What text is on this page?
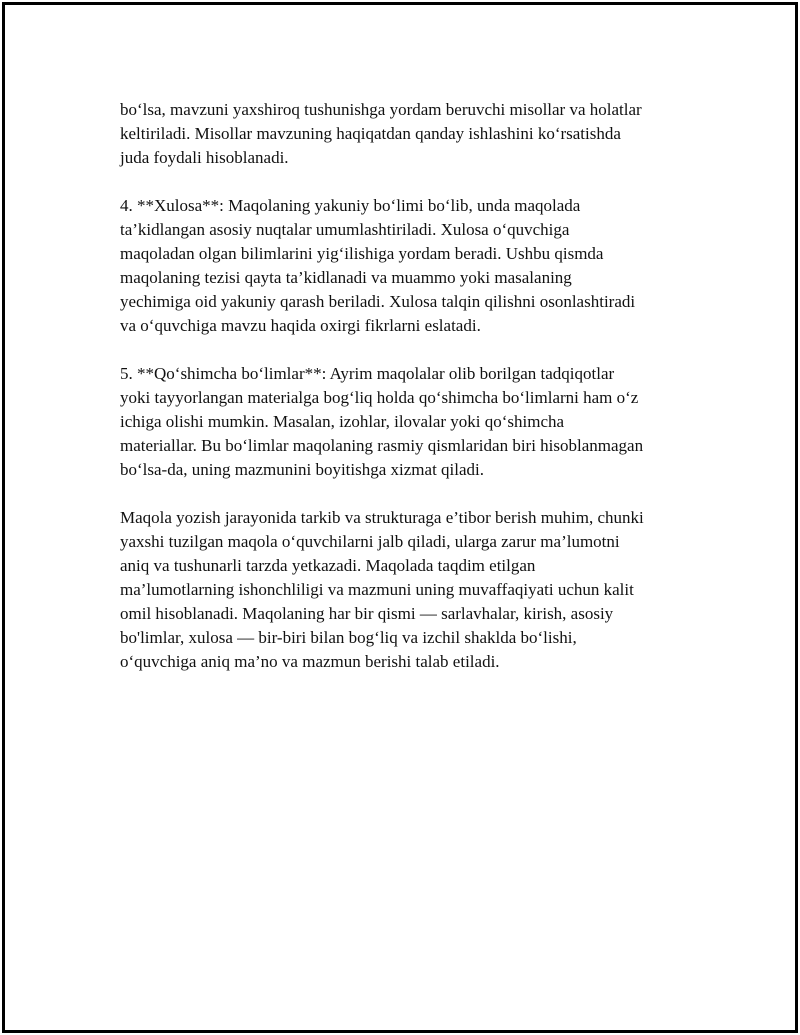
bo‘lsa, mavzuni yaxshiroq tushunishga yordam beruvchi misollar va holatlar
keltiriladi. Misollar mavzuning haqiqatdan qanday ishlashini ko‘rsatishda
juda foydali hisoblanadi.

4. **Xulosa**: Maqolaning yakuniy bo‘limi bo‘lib, unda maqolada
ta’kidlangan asosiy nuqtalar umumlashtiriladi. Xulosa o‘quvchiga
maqoladan olgan bilimlarini yig‘ilishiga yordam beradi. Ushbu qismda
maqolaning tezisi qayta ta’kidlanadi va muammo yoki masalaning
yechimiga oid yakuniy qarash beriladi. Xulosa talqin qilishni osonlashtiradi
va o‘quvchiga mavzu haqida oxirgi fikrlarni eslatadi.

5. **Qo‘shimcha bo‘limlar**: Ayrim maqolalar olib borilgan tadqiqotlar
yoki tayyorlangan materialga bog‘liq holda qo‘shimcha bo‘limlarni ham o‘z
ichiga olishi mumkin. Masalan, izohlar, ilovalar yoki qo‘shimcha
materiallar. Bu bo‘limlar maqolaning rasmiy qismlaridan biri hisoblanmagan
bo‘lsa-da, uning mazmunini boyitishga xizmat qiladi.

Maqola yozish jarayonida tarkib va strukturaga e’tibor berish muhim, chunki
yaxshi tuzilgan maqola o‘quvchilarni jalb qiladi, ularga zarur ma’lumotni
aniq va tushunarli tarzda yetkazadi. Maqolada taqdim etilgan
ma’lumotlarning ishonchliligi va mazmuni uning muvaffaqiyati uchun kalit
omil hisoblanadi. Maqolaning har bir qismi — sarlavhalar, kirish, asosiy
bo'limlar, xulosa — bir-biri bilan bog‘liq va izchil shaklda bo‘lishi,
o‘quvchiga aniq ma’no va mazmun berishi talab etiladi.
